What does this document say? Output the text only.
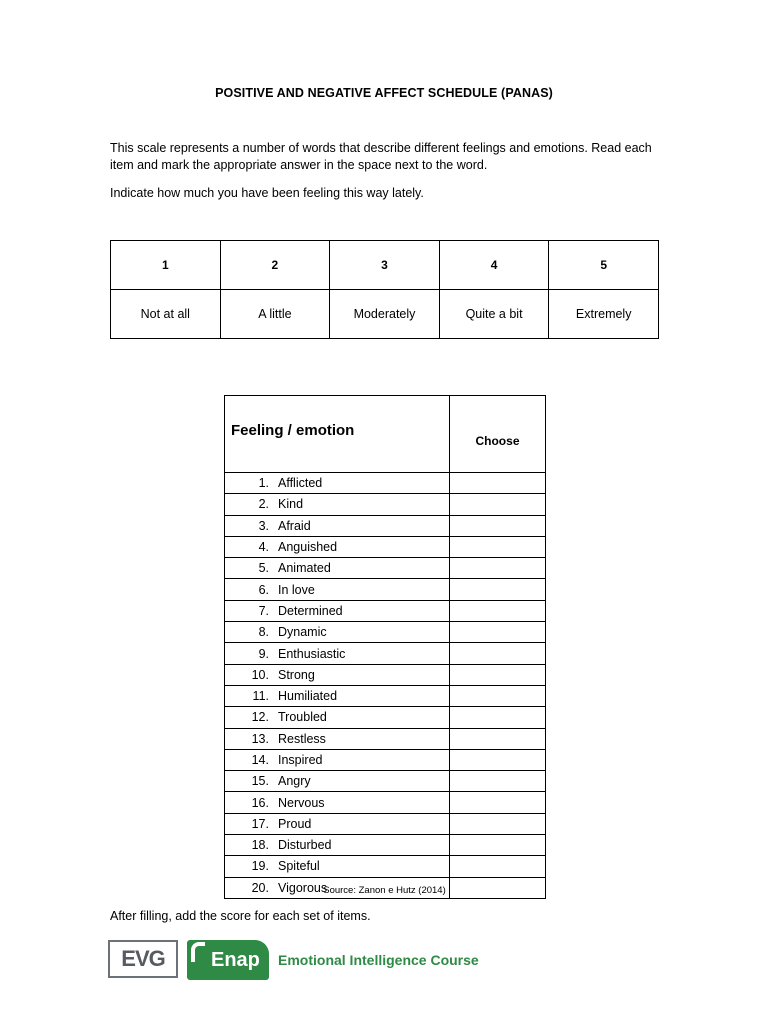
POSITIVE AND NEGATIVE AFFECT SCHEDULE (PANAS)

This scale represents a number of words that describe different feelings and emotions. Read each item and mark the appropriate answer in the space next to the word.

Indicate how much you have been feeling this way lately.

1	2	3	4	5
Not at all	A little	Moderately	Quite a bit	Extremely
Feeling / emotion	Choose
1. Afflicted	
2. Kind	
3. Afraid	
4. Anguished	
5. Animated	
6. In love	
7. Determined	
8. Dynamic	
9. Enthusiastic	
10. Strong	
11. Humiliated	
12. Troubled	
13. Restless	
14. Inspired	
15. Angry	
16. Nervous	
17. Proud	
18. Disturbed	
19. Spiteful	
20. Vigorous	
Source: Zanon e Hutz (2014)
After filling, add the score for each set of items.
EVG Enap Emotional Intelligence Course
